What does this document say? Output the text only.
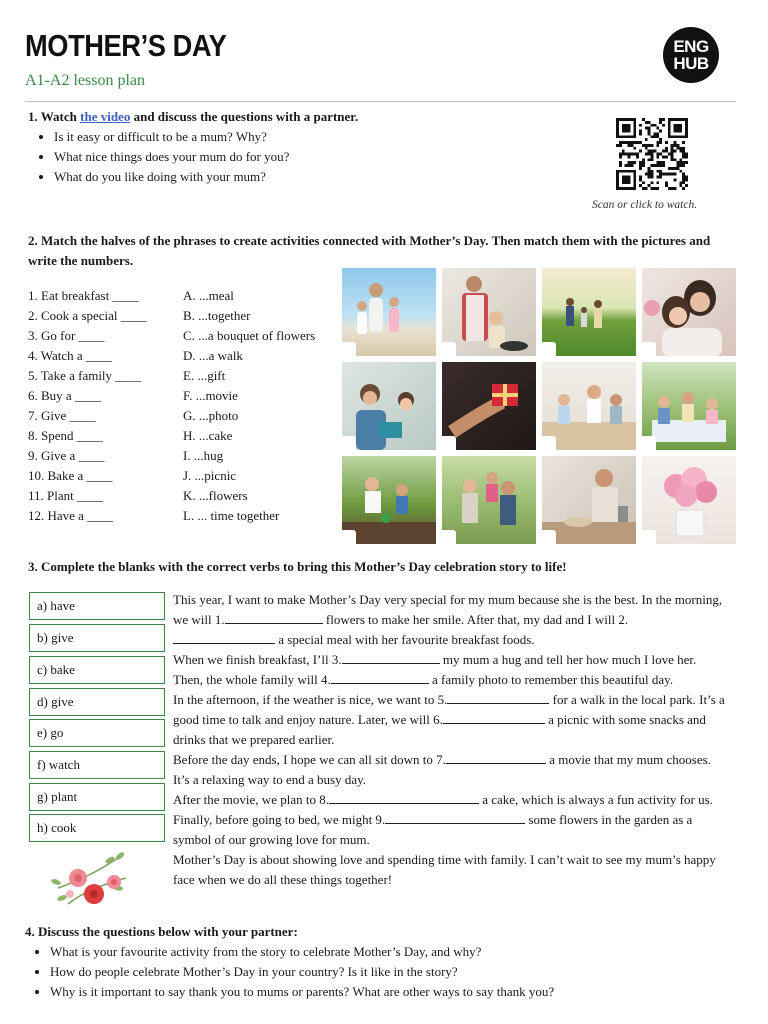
MOTHER’S DAY
A1-A2 lesson plan
ENG
HUB
1. Watch the video and discuss the questions with a partner.
• Is it easy or difficult to be a mum? Why?
• What nice things does your mum do for you?
• What do you like doing with your mum?
Scan or click to watch.
2. Match the halves of the phrases to create activities connected with Mother’s Day. Then match them with the pictures and write the numbers.
1. Eat breakfast ____
2. Cook a special ____
3. Go for ____
4. Watch a ____
5. Take a family ____
6. Buy a ____
7. Give ____
8. Spend ____
9. Give a ____
10. Bake a ____
11. Plant ____
12. Have a ____
A. ...meal
B. ...together
C. ...a bouquet of flowers
D. ...a walk
E. ...gift
F. ...movie
G. ...photo
H. ...cake
I. ...hug
J. ...picnic
K. ...flowers
L. ... time together
3. Complete the blanks with the correct verbs to bring this Mother’s Day celebration story to life!
a) have
b) give
c) bake
d) give
e) go
f) watch
g) plant
h) cook
This year, I want to make Mother’s Day very special for my mum because she is the best. In the morning, we will 1.	flowers to make her smile. After that, my dad and I will 2. a special meal with her favourite breakfast foods.
When we finish breakfast, I’ll 3.	my mum a hug and tell her how much I love her. Then, the whole family will 4.	a family photo to remember this beautiful day.
In the afternoon, if the weather is nice, we want to 5.	for a walk in the local park. It’s a good time to talk and enjoy nature. Later, we will 6.	a picnic with some snacks and drinks that we prepared earlier.
Before the day ends, I hope we can all sit down to 7.	a movie that my mum chooses. It’s a relaxing way to end a busy day.
After the movie, we plan to 8.	a cake, which is always a fun activity for us. Finally, before going to bed, we might 9.	some flowers in the garden as a symbol of our growing love for mum.
Mother’s Day is about showing love and spending time with family. I can’t wait to see my mum’s happy face when we do all these things together!
4. Discuss the questions below with your partner:
• What is your favourite activity from the story to celebrate Mother’s Day, and why?
• How do people celebrate Mother’s Day in your country? Is it like in the story?
• Why is it important to say thank you to mums or parents? What are other ways to say thank you?
